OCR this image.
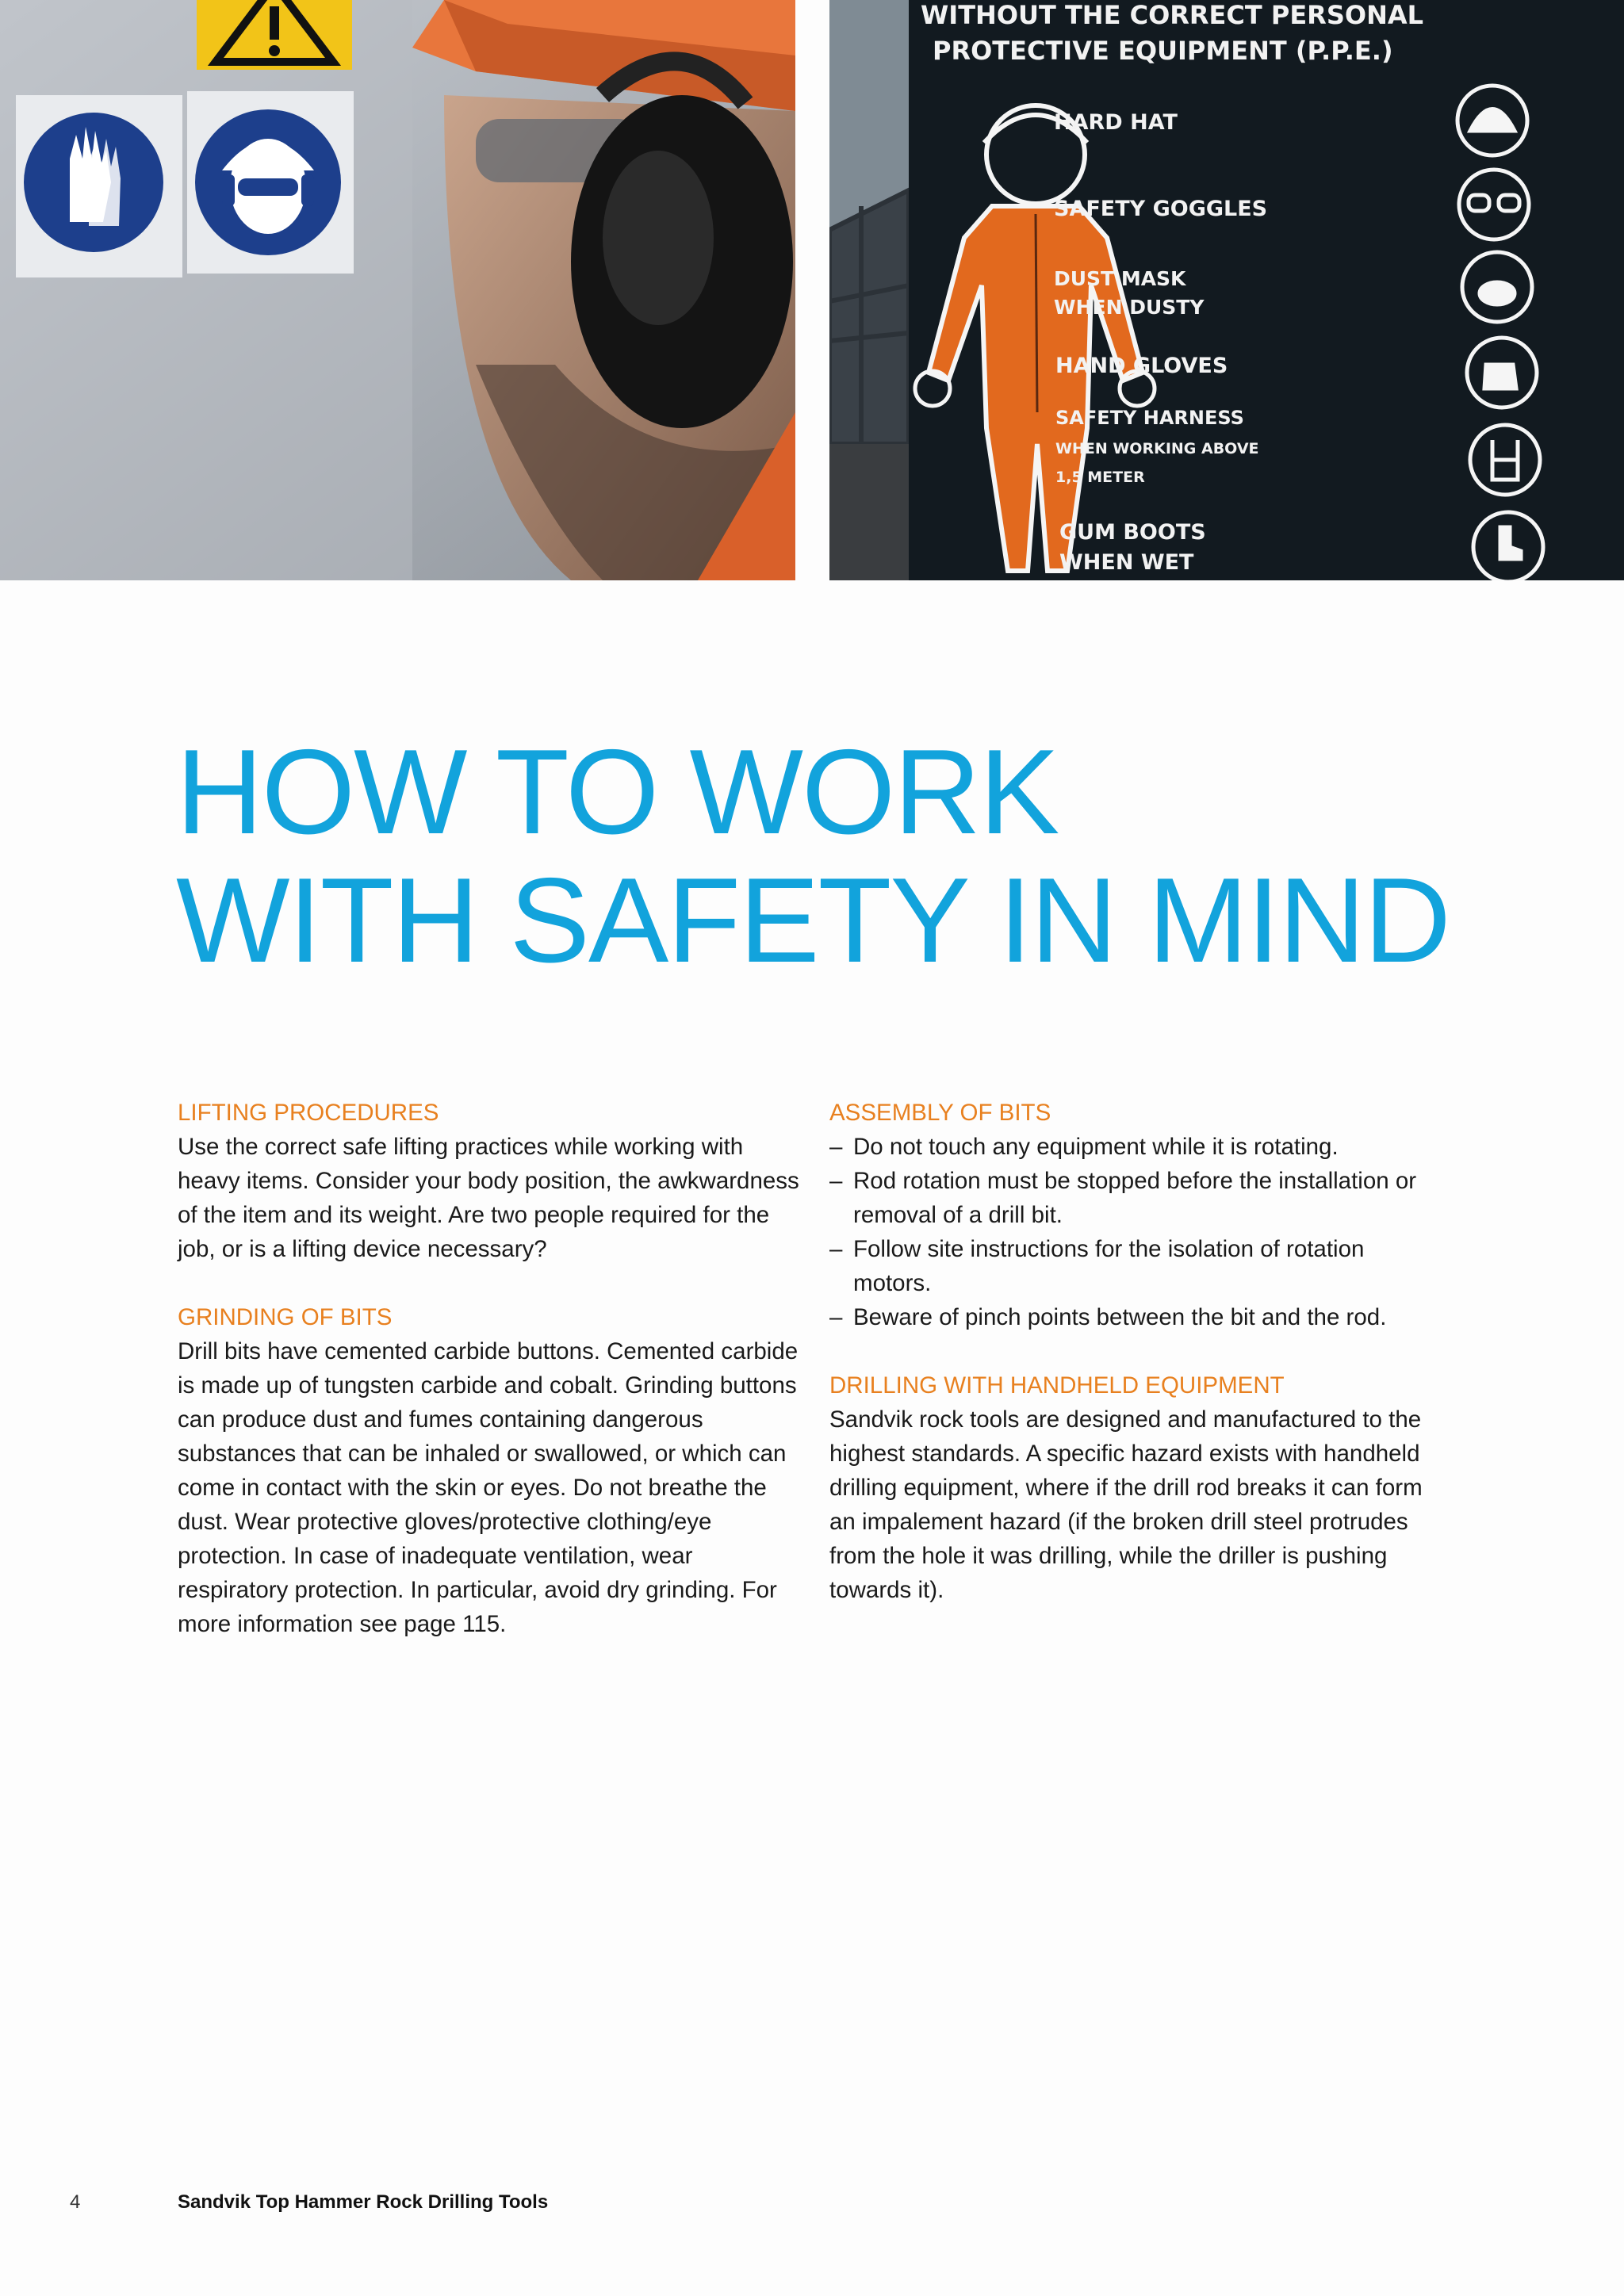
WITHOUT THE CORRECT PERSONAL
PROTECTIVE EQUIPMENT (P.P.E.)
HARD HAT
SAFETY GOGGLES
DUST MASK
WHEN DUSTY
HAND GLOVES
SAFETY HARNESS
WHEN WORKING ABOVE
1,5 METER
GUM BOOTS
WHEN WET
HOW TO WORK
WITH SAFETY IN MIND
LIFTING PROCEDURES

Use the correct safe lifting practices while working with heavy items. Consider your body position, the awkwardness of the item and its weight. Are two people required for the job, or is a lifting device necessary?

GRINDING OF BITS

Drill bits have cemented carbide buttons. Cemented carbide is made up of tungsten carbide and cobalt. Grinding buttons can produce dust and fumes containing dangerous substances that can be inhaled or swallowed, or which can come in contact with the skin or eyes. Do not breathe the dust. Wear protective gloves/protective clothing/eye protection. In case of inadequate ventilation, wear respiratory protection. In particular, avoid dry grinding. For more information see page 115.

ASSEMBLY OF BITS
– Do not touch any equipment while it is rotating.
– Rod rotation must be stopped before the installation or removal of a drill bit.
– Follow site instructions for the isolation of rotation motors.
– Beware of pinch points between the bit and the rod.
DRILLING WITH HANDHELD EQUIPMENT

Sandvik rock tools are designed and manufactured to the highest standards. A specific hazard exists with handheld drilling equipment, where if the drill rod breaks it can form an impalement hazard (if the broken drill steel protrudes from the hole it was drilling, while the driller is pushing towards it).

4	Sandvik Top Hammer Rock Drilling Tools
